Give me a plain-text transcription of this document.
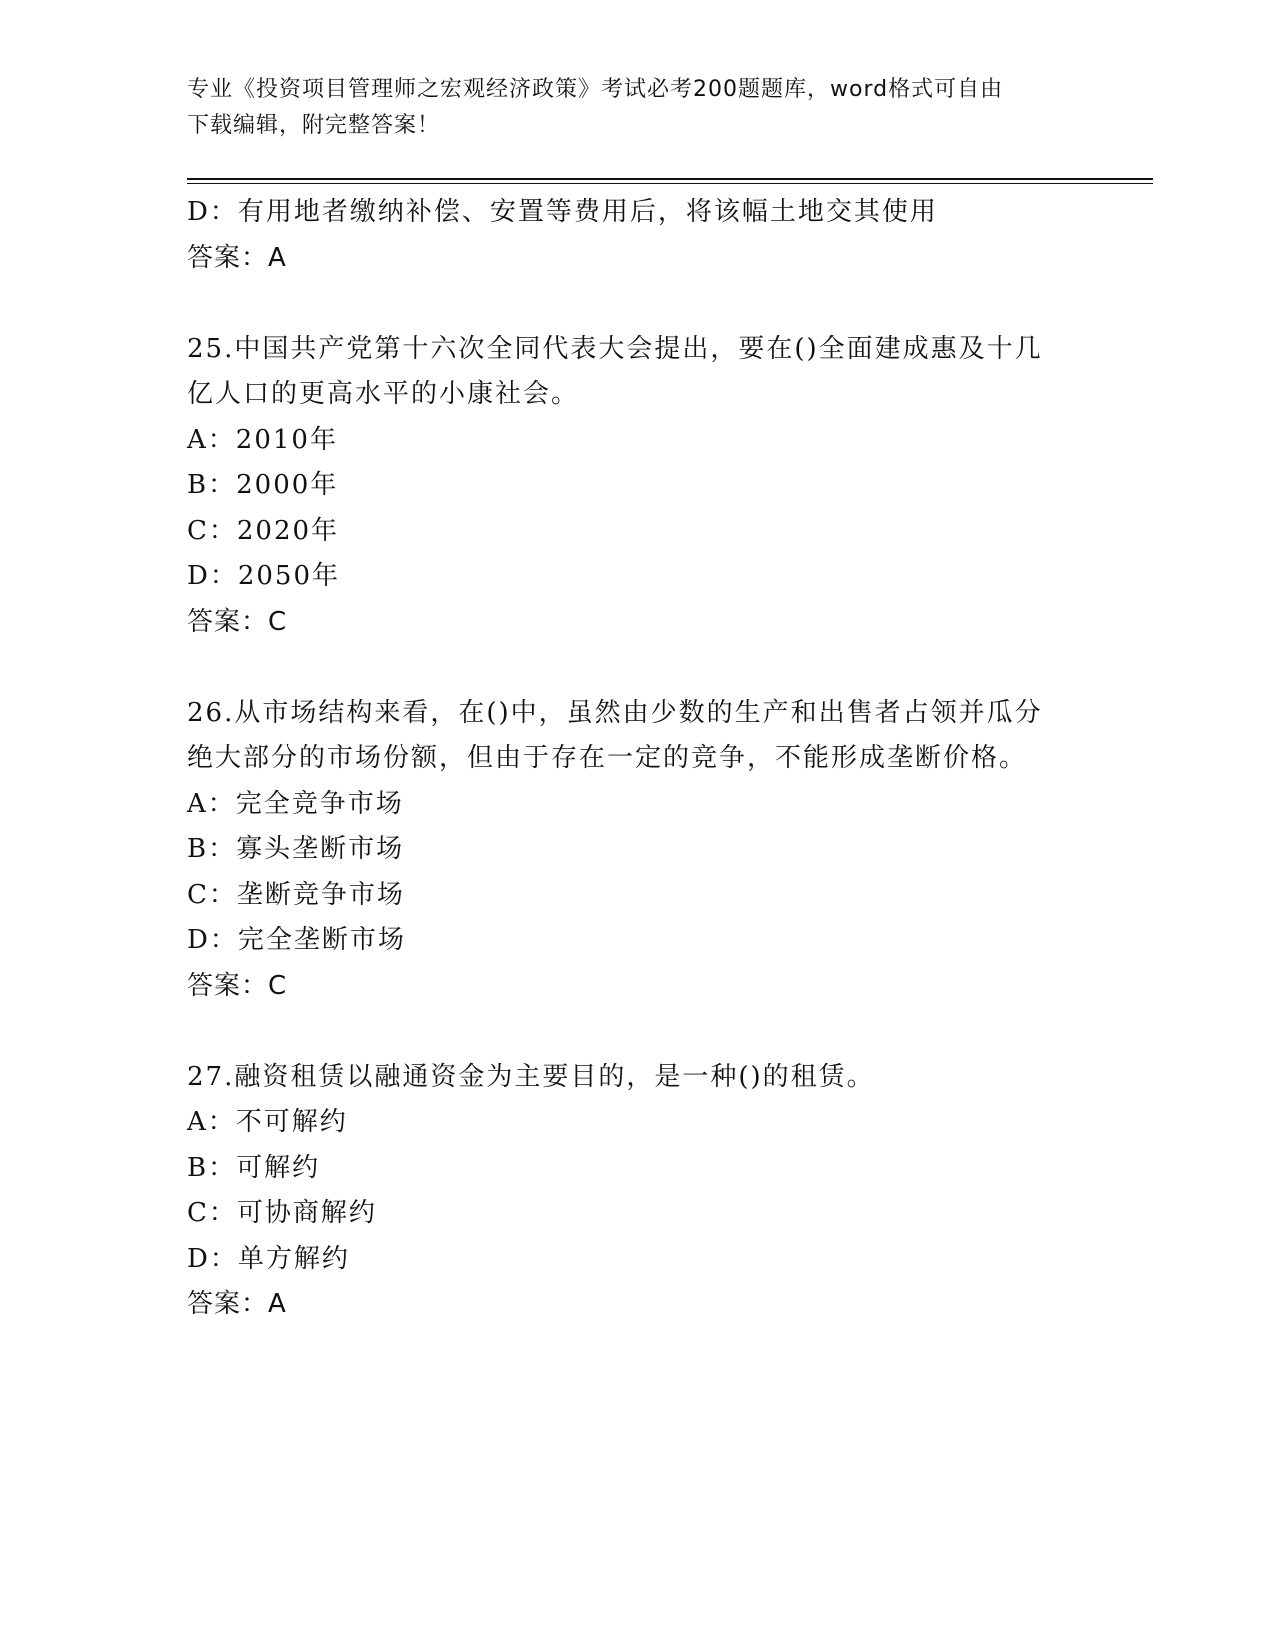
专业《投资项目管理师之宏观经济政策》考试必考200题题库，word格式可自由
下载编辑，附完整答案！
D：有用地者缴纳补偿、安置等费用后，将该幅土地交其使用
答案：A
25.中国共产党第十六次全同代表大会提出，要在()全面建成惠及十几
亿人口的更高水平的小康社会。
A：2010年
B：2000年
C：2020年
D：2050年
答案：C
26.从市场结构来看，在()中，虽然由少数的生产和出售者占领并瓜分
绝大部分的市场份额，但由于存在一定的竞争，不能形成垄断价格。
A：完全竞争市场
B：寡头垄断市场
C：垄断竞争市场
D：完全垄断市场
答案：C
27.融资租赁以融通资金为主要目的，是一种()的租赁。
A：不可解约
B：可解约
C：可协商解约
D：单方解约
答案：A
